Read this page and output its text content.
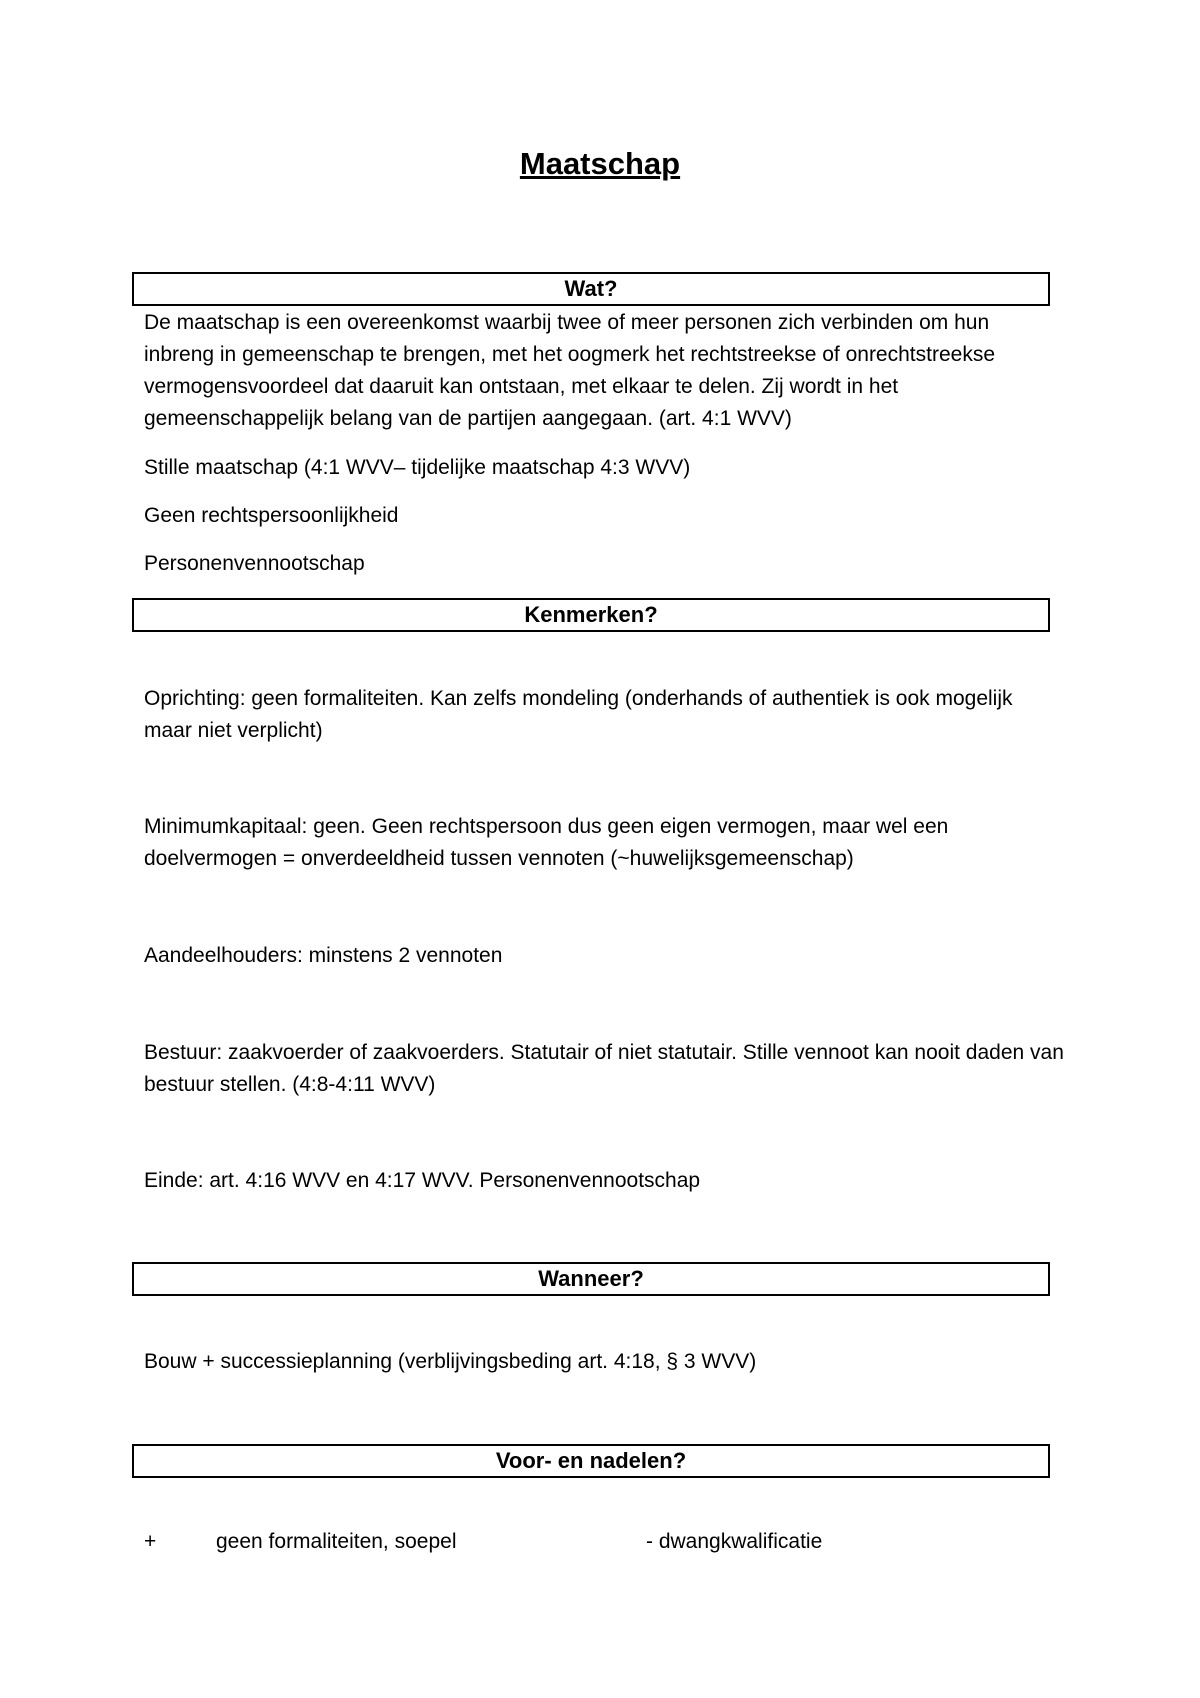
Maatschap
Wat?

De maatschap is een overeenkomst waarbij twee of meer personen zich verbinden om hun inbreng in gemeenschap te brengen, met het oogmerk het rechtstreekse of onrechtstreekse vermogensvoordeel dat daaruit kan ontstaan, met elkaar te delen. Zij wordt in het gemeenschappelijk belang van de partijen aangegaan. (art. 4:1 WVV)

Stille maatschap (4:1 WVV– tijdelijke maatschap 4:3 WVV)

Geen rechtspersoonlijkheid

Personenvennootschap

Kenmerken?

Oprichting: geen formaliteiten. Kan zelfs mondeling (onderhands of authentiek is ook mogelijk maar niet verplicht)

Minimumkapitaal: geen. Geen rechtspersoon dus geen eigen vermogen, maar wel een doelvermogen = onverdeeldheid tussen vennoten (~huwelijksgemeenschap)

Aandeelhouders: minstens 2 vennoten

Bestuur: zaakvoerder of zaakvoerders. Statutair of niet statutair. Stille vennoot kan nooit daden van bestuur stellen. (4:8-4:11 WVV)

Einde: art. 4:16 WVV en 4:17 WVV. Personenvennootschap

Wanneer?

Bouw + successieplanning (verblijvingsbeding art. 4:18, § 3 WVV)

Voor- en nadelen?
+	geen formaliteiten, soepel	- dwangkwalificatie
